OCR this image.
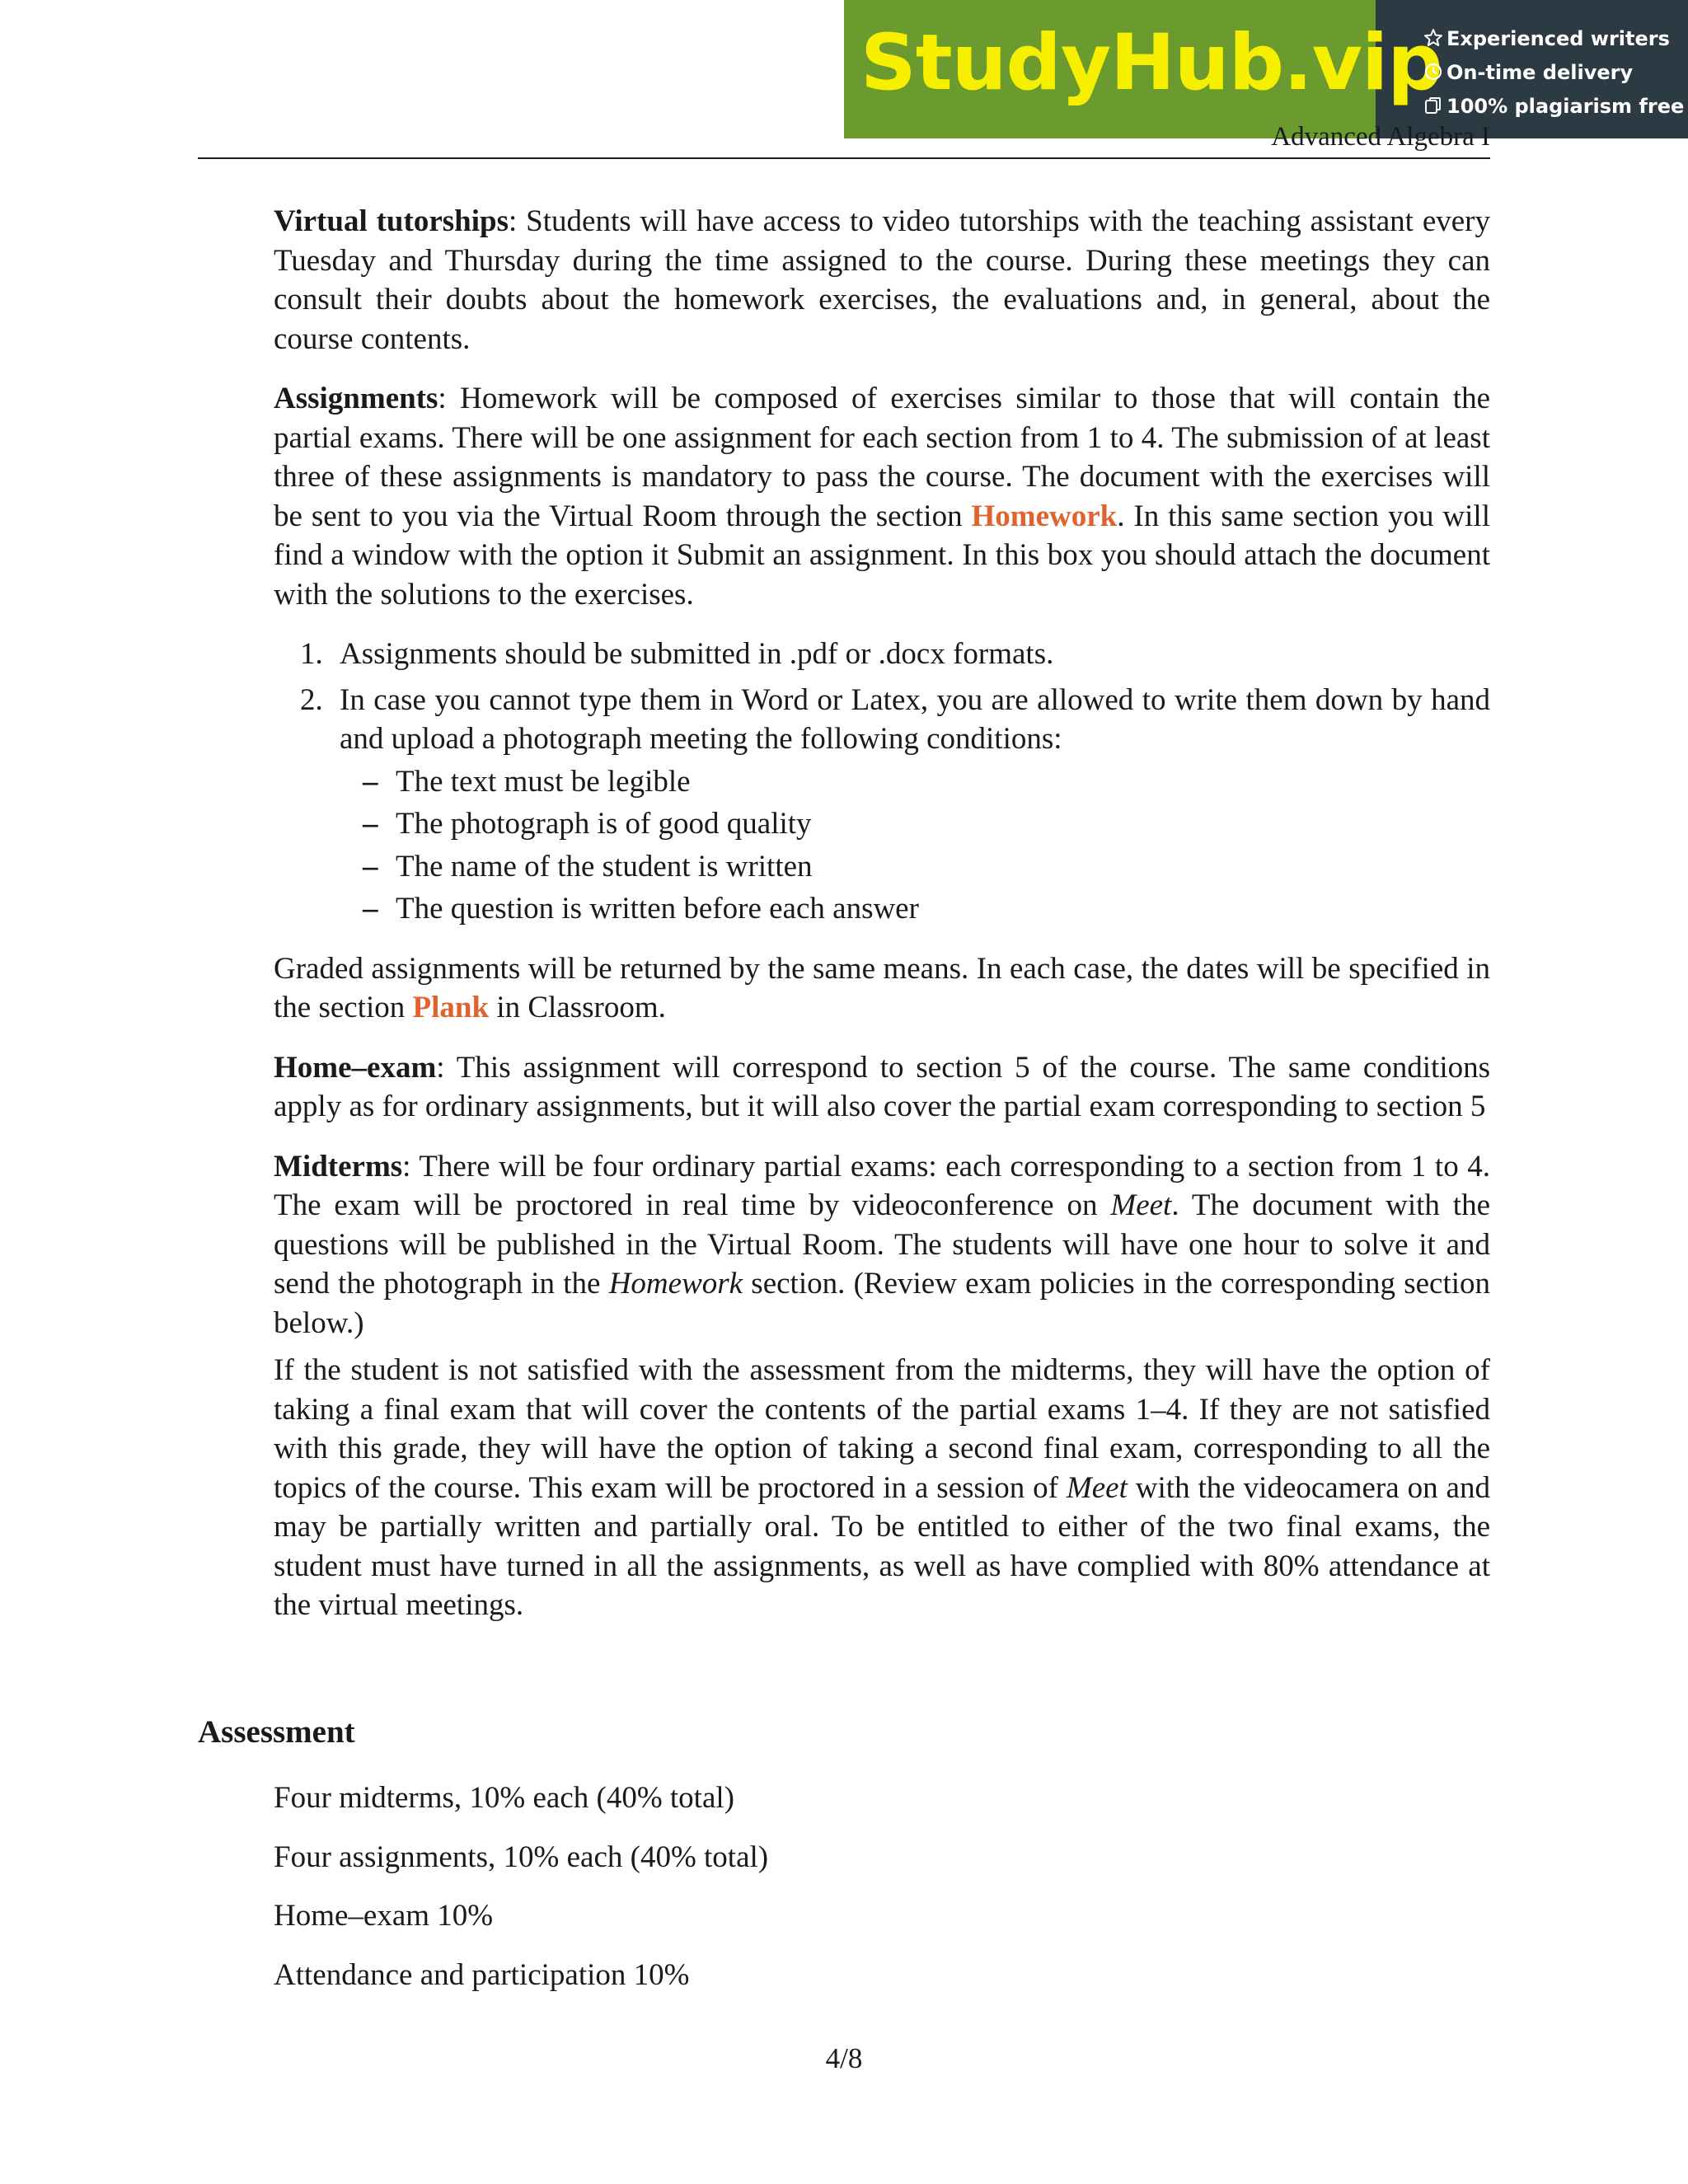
StudyHub.vip Experienced writers
On-time delivery
100% plagiarism free
Advanced Algebra I

Virtual tutorships: Students will have access to video tutorships with the teaching assistant every Tuesday and Thursday during the time assigned to the course. During these meetings they can consult their doubts about the homework exercises, the evaluations and, in general, about the course contents.

Assignments: Homework will be composed of exercises similar to those that will contain the partial exams. There will be one assignment for each section from 1 to 4. The submission of at least three of these assignments is mandatory to pass the course. The document with the exercises will be sent to you via the Virtual Room through the section Homework. In this same section you will find a window with the option it Submit an assignment. In this box you should attach the document with the solutions to the exercises.

1. Assignments should be submitted in .pdf or .docx formats.
2. In case you cannot type them in Word or Latex, you are allowed to write them down by hand and upload a photograph meeting the following conditions:
– The text must be legible
– The photograph is of good quality
– The name of the student is written
– The question is written before each answer

Graded assignments will be returned by the same means. In each case, the dates will be specified in the section Plank in Classroom.

Home–exam: This assignment will correspond to section 5 of the course. The same conditions apply as for ordinary assignments, but it will also cover the partial exam corresponding to section 5

Midterms: There will be four ordinary partial exams: each corresponding to a section from 1 to 4. The exam will be proctored in real time by videoconference on Meet. The document with the questions will be published in the Virtual Room. The students will have one hour to solve it and send the photograph in the Homework section. (Review exam policies in the corresponding section below.)

If the student is not satisfied with the assessment from the midterms, they will have the option of taking a final exam that will cover the contents of the partial exams 1–4. If they are not satisfied with this grade, they will have the option of taking a second final exam, corresponding to all the topics of the course. This exam will be proctored in a session of Meet with the videocamera on and may be partially written and partially oral. To be entitled to either of the two final exams, the student must have turned in all the assignments, as well as have complied with 80% attendance at the virtual meetings.

Assessment

Four midterms, 10% each (40% total)

Four assignments, 10% each (40% total)

Home–exam 10%

Attendance and participation 10%

4/8
